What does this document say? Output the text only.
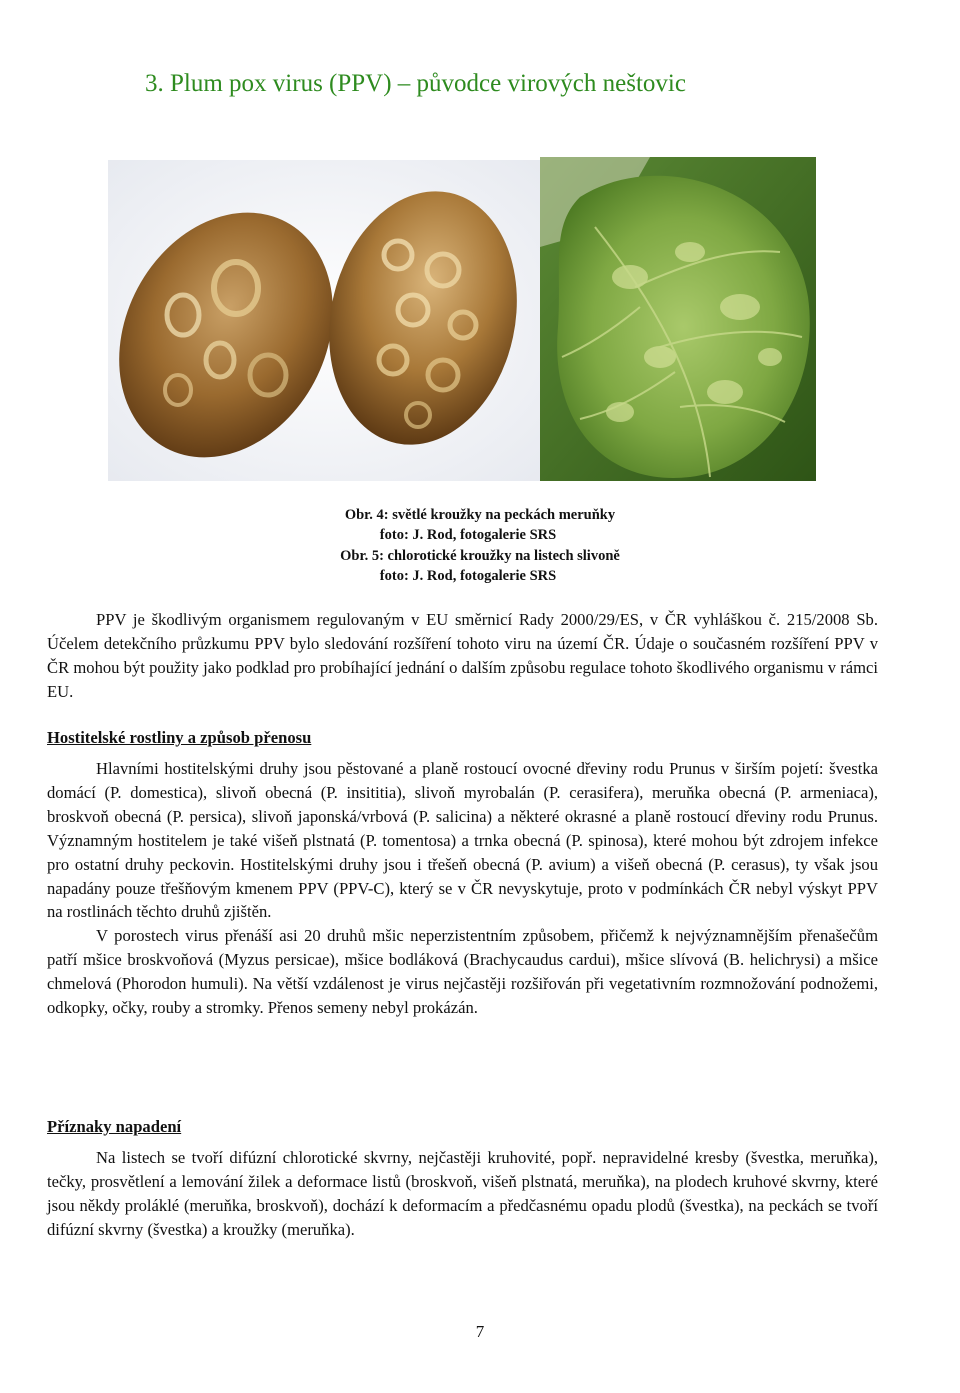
3. Plum pox virus (PPV) – původce virových neštovic
Obr. 4: světlé kroužky na peckách meruňky
foto: J. Rod, fotogalerie SRS
Obr. 5: chlorotické kroužky na listech slivoně
foto: J. Rod, fotogalerie SRS

PPV je škodlivým organismem regulovaným v EU směrnicí Rady 2000/29/ES, v ČR vyhláškou č. 215/2008 Sb. Účelem detekčního průzkumu PPV bylo sledování rozšíření tohoto viru na území ČR. Údaje o současném rozšíření PPV v ČR mohou být použity jako podklad pro probíhající jednání o dalším způsobu regulace tohoto škodlivého organismu v rámci EU.

Hostitelské rostliny a způsob přenosu

Hlavními hostitelskými druhy jsou pěstované a planě rostoucí ovocné dřeviny rodu Prunus v širším pojetí: švestka domácí (P. domestica), slivoň obecná (P. insititia), slivoň myrobalán (P. cerasifera), meruňka obecná (P. armeniaca), broskvoň obecná (P. persica), slivoň japonská/vrbová (P. salicina) a některé okrasné a planě rostoucí dřeviny rodu Prunus. Významným hostitelem je také višeň plstnatá (P. tomentosa) a trnka obecná (P. spinosa), které mohou být zdrojem infekce pro ostatní druhy peckovin. Hostitelskými druhy jsou i třešeň obecná (P. avium) a višeň obecná (P. cerasus), ty však jsou napadány pouze třešňovým kmenem PPV (PPV-C), který se v ČR nevyskytuje, proto v podmínkách ČR nebyl výskyt PPV na rostlinách těchto druhů zjištěn.

V porostech virus přenáší asi 20 druhů mšic neperzistentním způsobem, přičemž k nejvýznamnějším přenašečům patří mšice broskvoňová (Myzus persicae), mšice bodláková (Brachycaudus cardui), mšice slívová (B. helichrysi) a mšice chmelová (Phorodon humuli). Na větší vzdálenost je virus nejčastěji rozšiřován při vegetativním rozmnožování podnožemi, odkopky, očky, rouby a stromky. Přenos semeny nebyl prokázán.

Příznaky napadení

Na listech se tvoří difúzní chlorotické skvrny, nejčastěji kruhovité, popř. nepravidelné kresby (švestka, meruňka), tečky, prosvětlení a lemování žilek a deformace listů (broskvoň, višeň plstnatá, meruňka), na plodech kruhové skvrny, které jsou někdy proláklé (meruňka, broskvoň), dochází k deformacím a předčasnému opadu plodů (švestka), na peckách se tvoří difúzní skvrny (švestka) a kroužky (meruňka).

7
